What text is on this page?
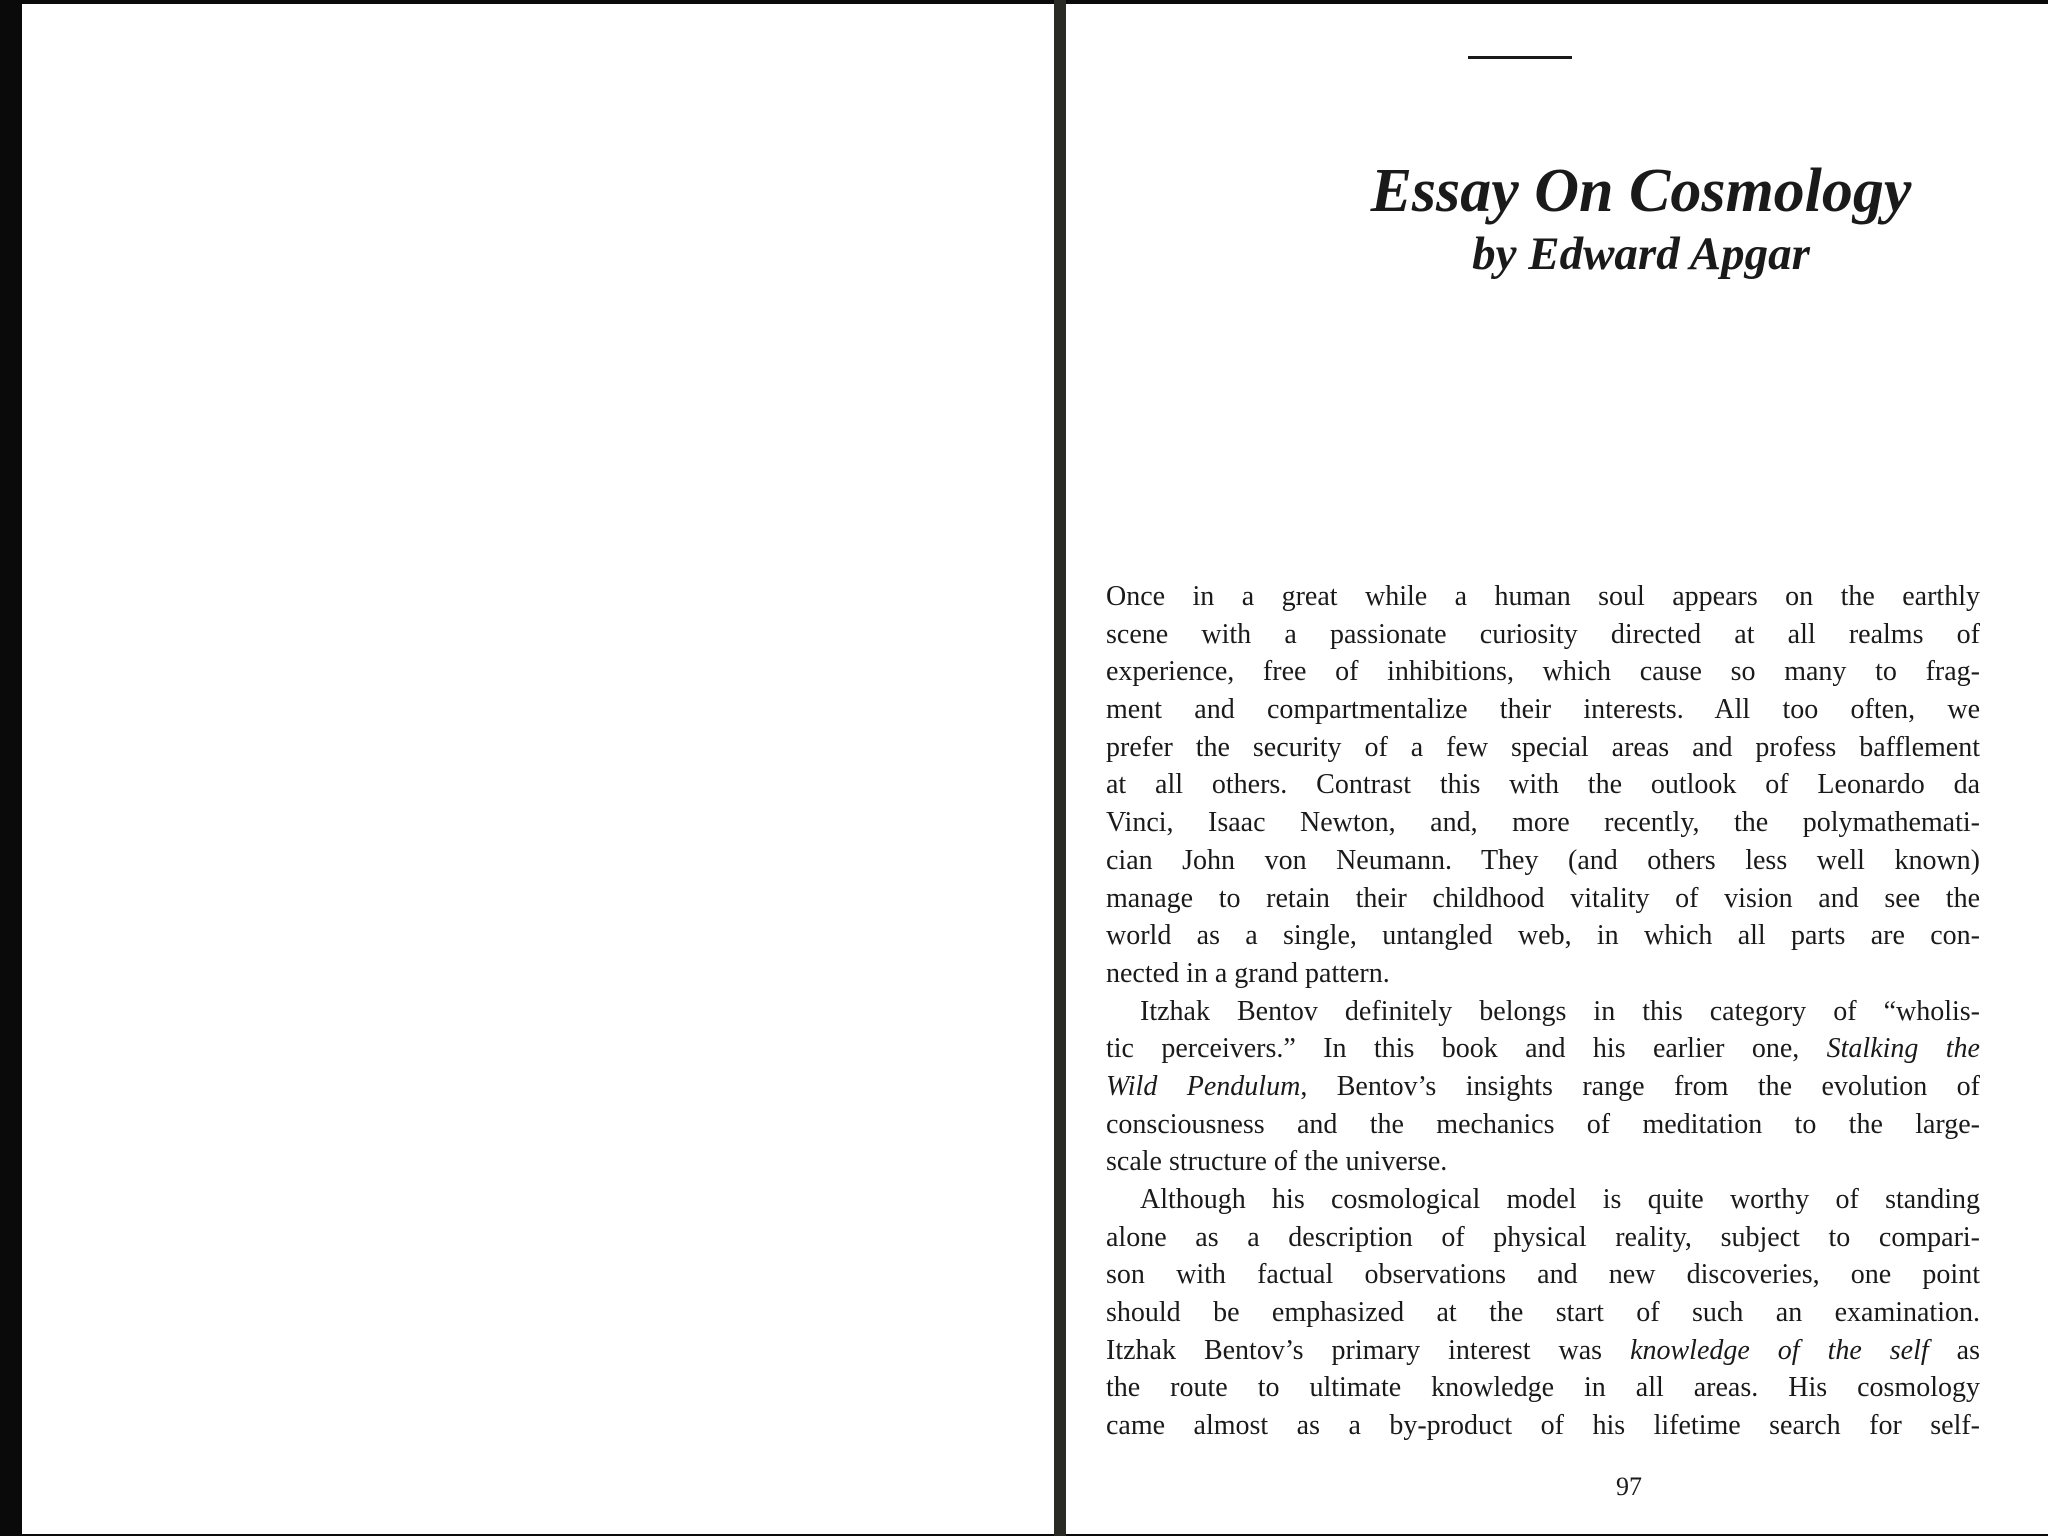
Essay On Cosmology
by Edward Apgar
Once in a great while a human soul appears on the earthly
scene with a passionate curiosity directed at all realms of
experience, free of inhibitions, which cause so many to frag-
ment and compartmentalize their interests. All too often, we
prefer the security of a few special areas and profess bafflement
at all others. Contrast this with the outlook of Leonardo da
Vinci, Isaac Newton, and, more recently, the polymathemati-
cian John von Neumann. They (and others less well known)
manage to retain their childhood vitality of vision and see the
world as a single, untangled web, in which all parts are con-
nected in a grand pattern.
Itzhak Bentov definitely belongs in this category of “wholis-
tic perceivers.” In this book and his earlier one, Stalking the
Wild Pendulum, Bentov’s insights range from the evolution of
consciousness and the mechanics of meditation to the large-
scale structure of the universe.
Although his cosmological model is quite worthy of standing
alone as a description of physical reality, subject to compari-
son with factual observations and new discoveries, one point
should be emphasized at the start of such an examination.
Itzhak Bentov’s primary interest was knowledge of the self as
the route to ultimate knowledge in all areas. His cosmology
came almost as a by-product of his lifetime search for self-
97
